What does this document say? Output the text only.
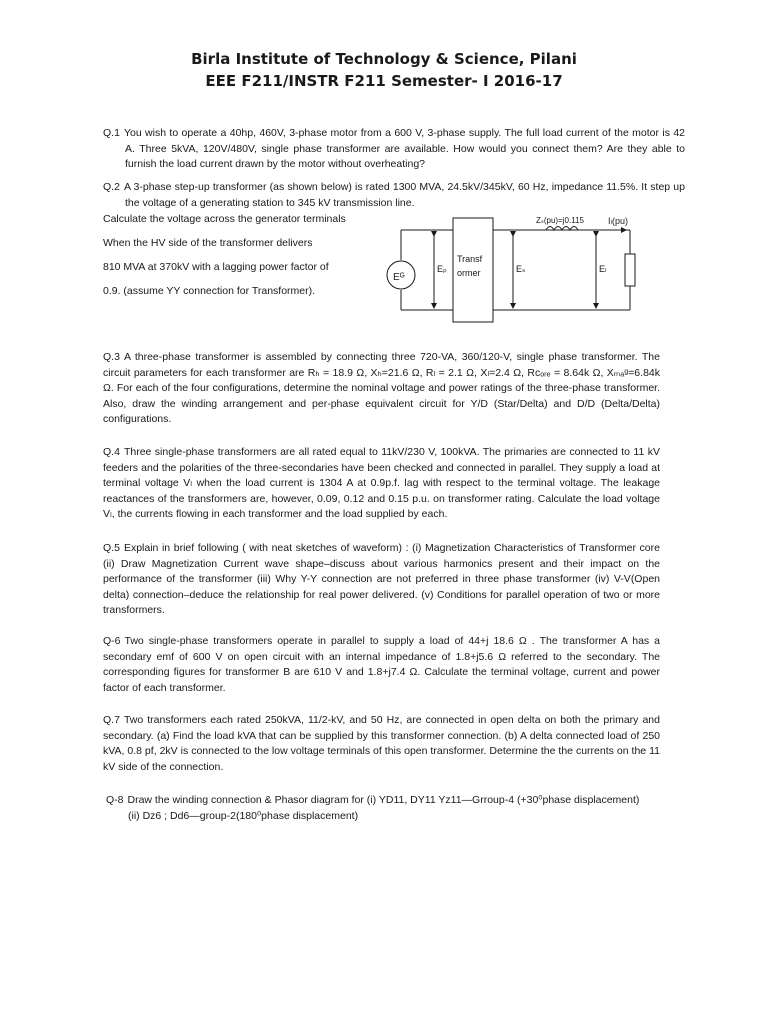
Birla Institute of Technology & Science, Pilani
EEE F211/INSTR F211 Semester- I 2016-17
Q.1 You wish to operate a 40hp, 460V, 3-phase motor from a 600 V, 3-phase supply. The full load current of the motor is 42 A. Three 5kVA, 120V/480V, single phase transformer are available. How would you connect them? Are they able to furnish the load current drawn by the motor without overheating?
Q.2 A 3-phase step-up transformer (as shown below) is rated 1300 MVA, 24.5kV/345kV, 60 Hz, impedance 11.5%. It step up the voltage of a generating station to 345 kV transmission line.
Calculate the voltage across the generator terminals
When the HV side of the transformer delivers
810 MVA at 370kV with a lagging power factor of
0.9. (assume YY connection for Transformer).
Eᴳ
Eₚ
Transf
ormer	Eₛ
Zₛ(pu)=j0.115
Eₗ
Iₗ(pu)
Q.3 A three-phase transformer is assembled by connecting three 720-VA, 360/120-V, single phase transformer. The circuit parameters for each transformer are Rₕ = 18.9 Ω, Xₕ=21.6 Ω, Rₗ = 2.1 Ω, Xₗ=2.4 Ω, Rᴄₒᵣₑ = 8.64k Ω, Xₘₐᵍ=6.84k Ω. For each of the four configurations, determine the nominal voltage and power ratings of the three-phase transformer. Also, draw the winding arrangement and per-phase equivalent circuit for Y/D (Star/Delta) and D/D (Delta/Delta) configurations.
Q.4 Three single-phase transformers are all rated equal to 11kV/230 V, 100kVA. The primaries are connected to 11 kV feeders and the polarities of the three-secondaries have been checked and connected in parallel. They supply a load at terminal voltage Vₗ when the load current is 1304 A at 0.9p.f. lag with respect to the terminal voltage. The leakage reactances of the transformers are, however, 0.09, 0.12 and 0.15 p.u. on transformer rating. Calculate the load voltage Vₗ, the currents flowing in each transformer and the load supplied by each.
Q.5 Explain in brief following ( with neat sketches of waveform) : (i) Magnetization Characteristics of Transformer core (ii) Draw Magnetization Current wave shape–discuss about various harmonics present and their impact on the performance of the transformer (iii) Why Y-Y connection are not preferred in three phase transformer (iv) V-V(Open delta) connection–deduce the relationship for real power delivered. (v) Conditions for parallel operation of two or more transformers.
Q-6 Two single-phase transformers operate in parallel to supply a load of 44+j 18.6 Ω . The transformer A has a secondary emf of 600 V on open circuit with an internal impedance of 1.8+j5.6 Ω referred to the secondary. The corresponding figures for transformer B are 610 V and 1.8+j7.4 Ω. Calculate the terminal voltage, current and power factor of each transformer.
Q.7 Two transformers each rated 250kVA, 11/2-kV, and 50 Hz, are connected in open delta on both the primary and secondary. (a) Find the load kVA that can be supplied by this transformer connection. (b) A delta connected load of 250 kVA, 0.8 pf, 2kV is connected to the low voltage terminals of this open transformer. Determine the the currents on the 11 kV side of the connection.
Q-8 Draw the winding connection & Phasor diagram for (i) YD11, DY11 Yz11—Grroup-4 (+30⁰phase displacement)
(ii) Dz6 ; Dd6—group-2(180⁰phase displacement)
